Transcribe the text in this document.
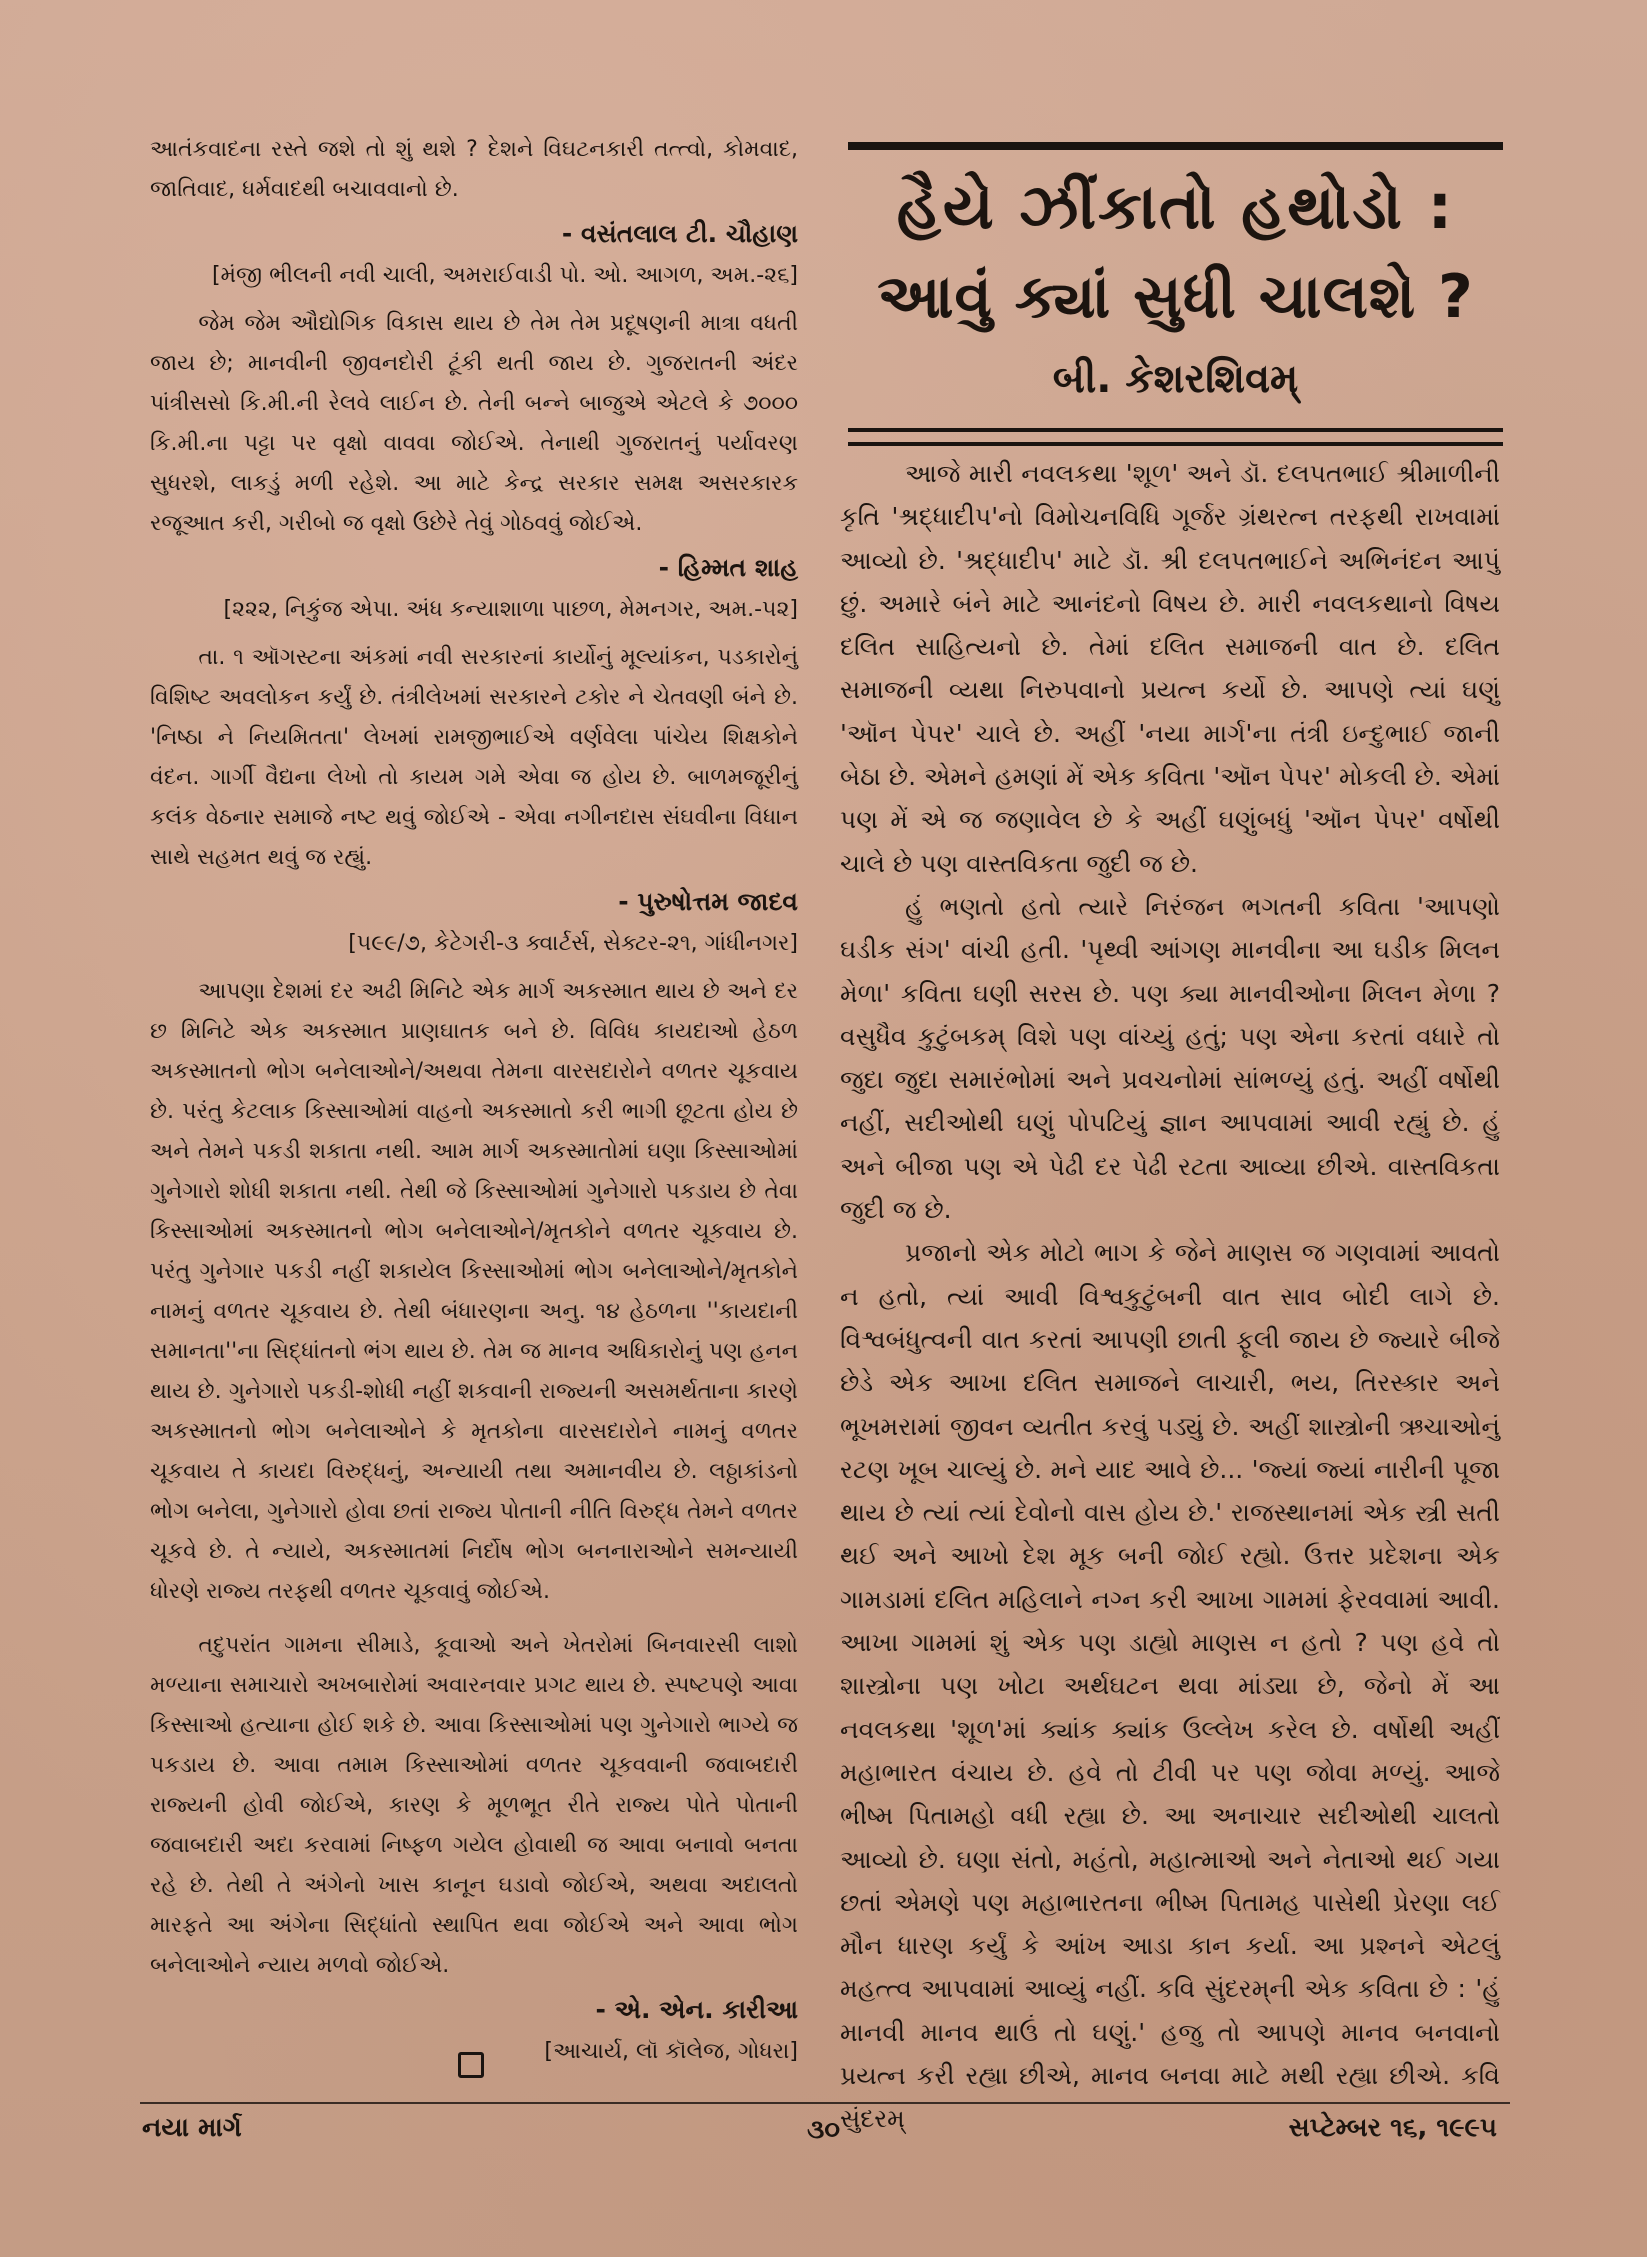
આતંકવાદના રસ્તે જશે તો શું થશે ? દેશને વિઘટનકારી તત્ત્વો, કોમવાદ, જાતિવાદ, ધર્મવાદથી બચાવવાનો છે.

- વસંતલાલ ટી. ચૌહાણ
[મંજી ભીલની નવી ચાલી, અમરાઈવાડી પો. ઓ. આગળ, અમ.-૨૬]

જેમ જેમ ઔદ્યોગિક વિકાસ થાય છે તેમ તેમ પ્રદૂષણની માત્રા વધતી જાય છે; માનવીની જીવનદોરી ટૂંકી થતી જાય છે. ગુજરાતની અંદર પાંત્રીસસો કિ.મી.ની રેલવે લાઈન છે. તેની બન્ને બાજુએ એટલે કે ૭૦૦૦ કિ.મી.ના પટ્ટા પર વૃક્ષો વાવવા જોઈએ. તેનાથી ગુજરાતનું પર્યાવરણ સુધરશે, લાકડું મળી રહેશે. આ માટે કેન્દ્ર સરકાર સમક્ષ અસરકારક રજૂઆત કરી, ગરીબો જ વૃક્ષો ઉછેરે તેવું ગોઠવવું જોઈએ.

- હિમ્મત શાહ
[૨૨૨, નિકુંજ એપા. અંધ કન્યાશાળા પાછળ, મેમનગર, અમ.-૫૨]

તા. ૧ ઑગસ્ટના અંકમાં નવી સરકારનાં કાર્યોનું મૂલ્યાંકન, પડકારોનું વિશિષ્ટ અવલોકન કર્યું છે. તંત્રીલેખમાં સરકારને ટકોર ને ચેતવણી બંને છે. 'નિષ્ઠા ને નિયમિતતા' લેખમાં રામજીભાઈએ વર્ણવેલા પાંચેય શિક્ષકોને વંદન. ગાર્ગી વૈદ્યના લેખો તો કાયમ ગમે એવા જ હોય છે. બાળમજૂરીનું કલંક વેઠનાર સમાજે નષ્ટ થવું જોઈએ - એવા નગીનદાસ સંઘવીના વિધાન સાથે સહમત થવું જ રહ્યું.

- પુરુષોત્તમ જાદવ
[૫૯૯/૭, કેટેગરી-૩ ક્વાર્ટર્સ, સેક્ટર-૨૧, ગાંધીનગર]

આપણા દેશમાં દર અઢી મિનિટે એક માર્ગ અકસ્માત થાય છે અને દર છ મિનિટે એક અકસ્માત પ્રાણઘાતક બને છે. વિવિધ કાયદાઓ હેઠળ અકસ્માતનો ભોગ બનેલાઓને/અથવા તેમના વારસદારોને વળતર ચૂકવાય છે. પરંતુ કેટલાક કિસ્સાઓમાં વાહનો અકસ્માતો કરી ભાગી છૂટતા હોય છે અને તેમને પકડી શકાતા નથી. આમ માર્ગ અકસ્માતોમાં ઘણા કિસ્સાઓમાં ગુનેગારો શોધી શકાતા નથી. તેથી જે કિસ્સાઓમાં ગુનેગારો પકડાય છે તેવા કિસ્સાઓમાં અકસ્માતનો ભોગ બનેલાઓને/મૃતકોને વળતર ચૂકવાય છે. પરંતુ ગુનેગાર પકડી નહીં શકાયેલ કિસ્સાઓમાં ભોગ બનેલાઓને/મૃતકોને નામનું વળતર ચૂકવાય છે. તેથી બંધારણના અનુ. ૧૪ હેઠળના ''કાયદાની સમાનતા''ના સિદ્ધાંતનો ભંગ થાય છે. તેમ જ માનવ અધિકારોનું પણ હનન થાય છે. ગુનેગારો પકડી-શોધી નહીં શકવાની રાજ્યની અસમર્થતાના કારણે અકસ્માતનો ભોગ બનેલાઓને કે મૃતકોના વારસદારોને નામનું વળતર ચૂકવાય તે કાયદા વિરુદ્ધનું, અન્યાયી તથા અમાનવીય છે. લઠ્ઠાકાંડનો ભોગ બનેલા, ગુનેગારો હોવા છતાં રાજ્ય પોતાની નીતિ વિરુદ્ધ તેમને વળતર ચૂકવે છે. તે ન્યાયે, અકસ્માતમાં નિર્દોષ ભોગ બનનારાઓને સમન્યાયી ધોરણે રાજ્ય તરફથી વળતર ચૂકવાવું જોઈએ.

તદુપરાંત ગામના સીમાડે, કૂવાઓ અને ખેતરોમાં બિનવારસી લાશો મળ્યાના સમાચારો અખબારોમાં અવારનવાર પ્રગટ થાય છે. સ્પષ્ટપણે આવા કિસ્સાઓ હત્યાના હોઈ શકે છે. આવા કિસ્સાઓમાં પણ ગુનેગારો ભાગ્યે જ પકડાય છે. આવા તમામ કિસ્સાઓમાં વળતર ચૂકવવાની જવાબદારી રાજ્યની હોવી જોઈએ, કારણ કે મૂળભૂત રીતે રાજ્ય પોતે પોતાની જવાબદારી અદા કરવામાં નિષ્ફળ ગયેલ હોવાથી જ આવા બનાવો બનતા રહે છે. તેથી તે અંગેનો ખાસ કાનૂન ઘડાવો જોઈએ, અથવા અદાલતો મારફતે આ અંગેના સિદ્ધાંતો સ્થાપિત થવા જોઈએ અને આવા ભોગ બનેલાઓને ન્યાય મળવો જોઈએ.

- એ. એન. કારીઆ
[આચાર્ય, લૉ કૉલેજ, ગોધરા]
હૈયે ઝીંકાતો હથોડો :
આવું ક્યાં સુધી ચાલશે ?
બી. કેશરશિવમ્

આજે મારી નવલકથા 'શૂળ' અને ડૉ. દલપતભાઈ શ્રીમાળીની કૃતિ 'શ્રદ્ધાદીપ'નો વિમોચનવિધિ ગૂર્જર ગ્રંથરત્ન તરફથી રાખવામાં આવ્યો છે. 'શ્રદ્ધાદીપ' માટે ડૉ. શ્રી દલપતભાઈને અભિનંદન આપું છું. અમારે બંને માટે આનંદનો વિષય છે. મારી નવલકથાનો વિષય દલિત સાહિત્યનો છે. તેમાં દલિત સમાજની વાત છે. દલિત સમાજની વ્યથા નિરુપવાનો પ્રયત્ન કર્યો છે. આપણે ત્યાં ઘણું 'ઑન પેપર' ચાલે છે. અહીં 'નયા માર્ગ'ના તંત્રી ઇન્દુભાઈ જાની બેઠા છે. એમને હમણાં મેં એક કવિતા 'ઑન પેપર' મોકલી છે. એમાં પણ મેં એ જ જણાવેલ છે કે અહીં ઘણુંબધું 'ઑન પેપર' વર્ષોથી ચાલે છે પણ વાસ્તવિકતા જુદી જ છે.

હું ભણતો હતો ત્યારે નિરંજન ભગતની કવિતા 'આપણો ઘડીક સંગ' વાંચી હતી. 'પૃથ્વી આંગણ માનવીના આ ઘડીક મિલન મેળા' કવિતા ઘણી સરસ છે. પણ ક્યા માનવીઓના મિલન મેળા ? વસુધૈવ કુટુંબકમ્ વિશે પણ વાંચ્યું હતું; પણ એના કરતાં વધારે તો જુદા જુદા સમારંભોમાં અને પ્રવચનોમાં સાંભળ્યું હતું. અહીં વર્ષોથી નહીં, સદીઓથી ઘણું પોપટિયું જ્ઞાન આપવામાં આવી રહ્યું છે. હું અને બીજા પણ એ પેઢી દર પેઢી રટતા આવ્યા છીએ. વાસ્તવિકતા જુદી જ છે.

પ્રજાનો એક મોટો ભાગ કે જેને માણસ જ ગણવામાં આવતો ન હતો, ત્યાં આવી વિશ્વકુટુંબની વાત સાવ બોદી લાગે છે. વિશ્વબંધુત્વની વાત કરતાં આપણી છાતી ફૂલી જાય છે જ્યારે બીજે છેડે એક આખા દલિત સમાજને લાચારી, ભય, તિરસ્કાર અને ભૂખમરામાં જીવન વ્યતીત કરવું પડ્યું છે. અહીં શાસ્ત્રોની ઋચાઓનું રટણ ખૂબ ચાલ્યું છે. મને યાદ આવે છે... 'જ્યાં જ્યાં નારીની પૂજા થાય છે ત્યાં ત્યાં દેવોનો વાસ હોય છે.' રાજસ્થાનમાં એક સ્ત્રી સતી થઈ અને આખો દેશ મૂક બની જોઈ રહ્યો. ઉત્તર પ્રદેશના એક ગામડામાં દલિત મહિલાને નગ્ન કરી આખા ગામમાં ફેરવવામાં આવી. આખા ગામમાં શું એક પણ ડાહ્યો માણસ ન હતો ? પણ હવે તો શાસ્ત્રોના પણ ખોટા અર્થઘટન થવા માંડ્યા છે, જેનો મેં આ નવલકથા 'શૂળ'માં ક્યાંક ક્યાંક ઉલ્લેખ કરેલ છે. વર્ષોથી અહીં મહાભારત વંચાય છે. હવે તો ટીવી પર પણ જોવા મળ્યું. આજે ભીષ્મ પિતામહો વધી રહ્યા છે. આ અનાચાર સદીઓથી ચાલતો આવ્યો છે. ઘણા સંતો, મહંતો, મહાત્માઓ અને નેતાઓ થઈ ગયા છતાં એમણે પણ મહાભારતના ભીષ્મ પિતામહ પાસેથી પ્રેરણા લઈ મૌન ધારણ કર્યું કે આંખ આડા કાન કર્યા. આ પ્રશ્નને એટલું મહત્ત્વ આપવામાં આવ્યું નહીં. કવિ સુંદરમ્‌ની એક કવિતા છે : 'હું માનવી માનવ થાઉં તો ઘણું.' હજુ તો આપણે માનવ બનવાનો પ્રયત્ન કરી રહ્યા છીએ, માનવ બનવા માટે મથી રહ્યા છીએ. કવિ સુંદરમ્

નયા માર્ગ	૩૦	સપ્ટેમ્બર ૧૬, ૧૯૯૫
